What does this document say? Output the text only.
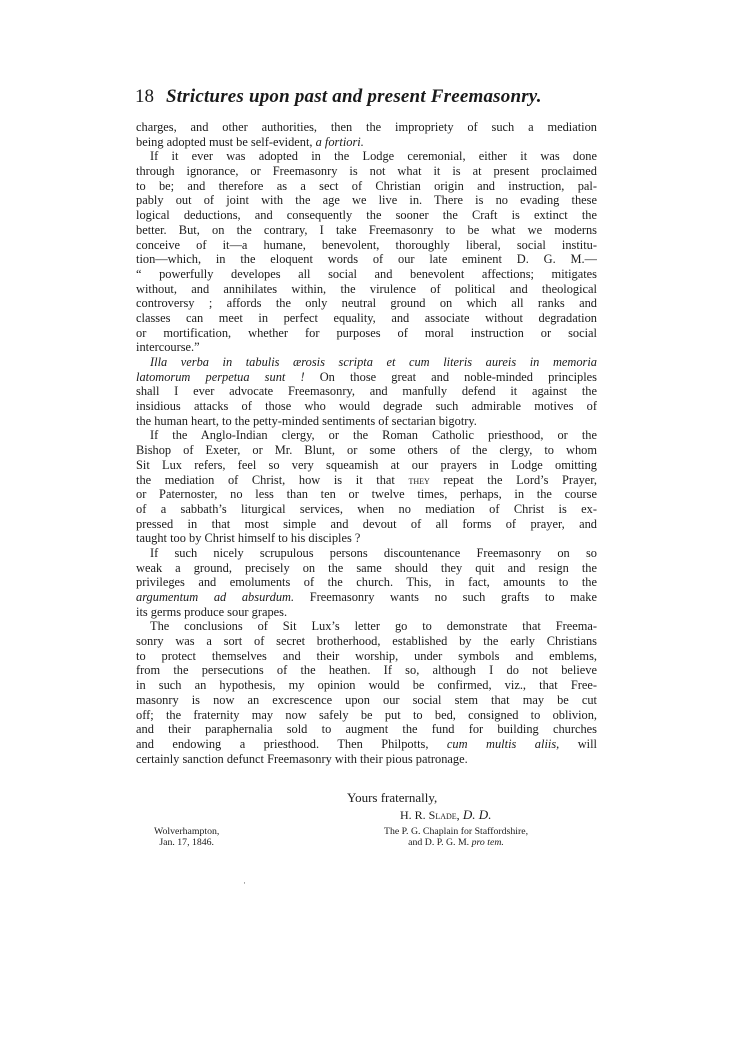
18 Strictures upon past and present Freemasonry.
charges, and other authorities, then the impropriety of such a mediation
being adopted must be self-evident, a fortiori.
If it ever was adopted in the Lodge ceremonial, either it was done
through ignorance, or Freemasonry is not what it is at present proclaimed
to be; and therefore as a sect of Christian origin and instruction, pal-
pably out of joint with the age we live in. There is no evading these
logical deductions, and consequently the sooner the Craft is extinct the
better. But, on the contrary, I take Freemasonry to be what we moderns
conceive of it—a humane, benevolent, thoroughly liberal, social institu-
tion—which, in the eloquent words of our late eminent D. G. M.—
“ powerfully developes all social and benevolent affections; mitigates
without, and annihilates within, the virulence of political and theological
controversy ; affords the only neutral ground on which all ranks and
classes can meet in perfect equality, and associate without degradation
or mortification, whether for purposes of moral instruction or social
intercourse.”
Illa verba in tabulis ærosis scripta et cum literis aureis in memoria
latomorum perpetua sunt ! On those great and noble-minded principles
shall I ever advocate Freemasonry, and manfully defend it against the
insidious attacks of those who would degrade such admirable motives of
the human heart, to the petty-minded sentiments of sectarian bigotry.
If the Anglo-Indian clergy, or the Roman Catholic priesthood, or the
Bishop of Exeter, or Mr. Blunt, or some others of the clergy, to whom
Sit Lux refers, feel so very squeamish at our prayers in Lodge omitting
the mediation of Christ, how is it that they repeat the Lord’s Prayer,
or Paternoster, no less than ten or twelve times, perhaps, in the course
of a sabbath’s liturgical services, when no mediation of Christ is ex-
pressed in that most simple and devout of all forms of prayer, and
taught too by Christ himself to his disciples ?
If such nicely scrupulous persons discountenance Freemasonry on so
weak a ground, precisely on the same should they quit and resign the
privileges and emoluments of the church. This, in fact, amounts to the
argumentum ad absurdum. Freemasonry wants no such grafts to make
its germs produce sour grapes.
The conclusions of Sit Lux’s letter go to demonstrate that Freema-
sonry was a sort of secret brotherhood, established by the early Christians
to protect themselves and their worship, under symbols and emblems,
from the persecutions of the heathen. If so, although I do not believe
in such an hypothesis, my opinion would be confirmed, viz., that Free-
masonry is now an excrescence upon our social stem that may be cut
off; the fraternity may now safely be put to bed, consigned to oblivion,
and their paraphernalia sold to augment the fund for building churches
and endowing a priesthood. Then Philpotts, cum multis aliis, will
certainly sanction defunct Freemasonry with their pious patronage.
Yours fraternally,
H. R. Slade, D. D.
Wolverhampton,
Jan. 17, 1846.
The P. G. Chaplain for Staffordshire,
and D. P. G. M. pro tem.
·
